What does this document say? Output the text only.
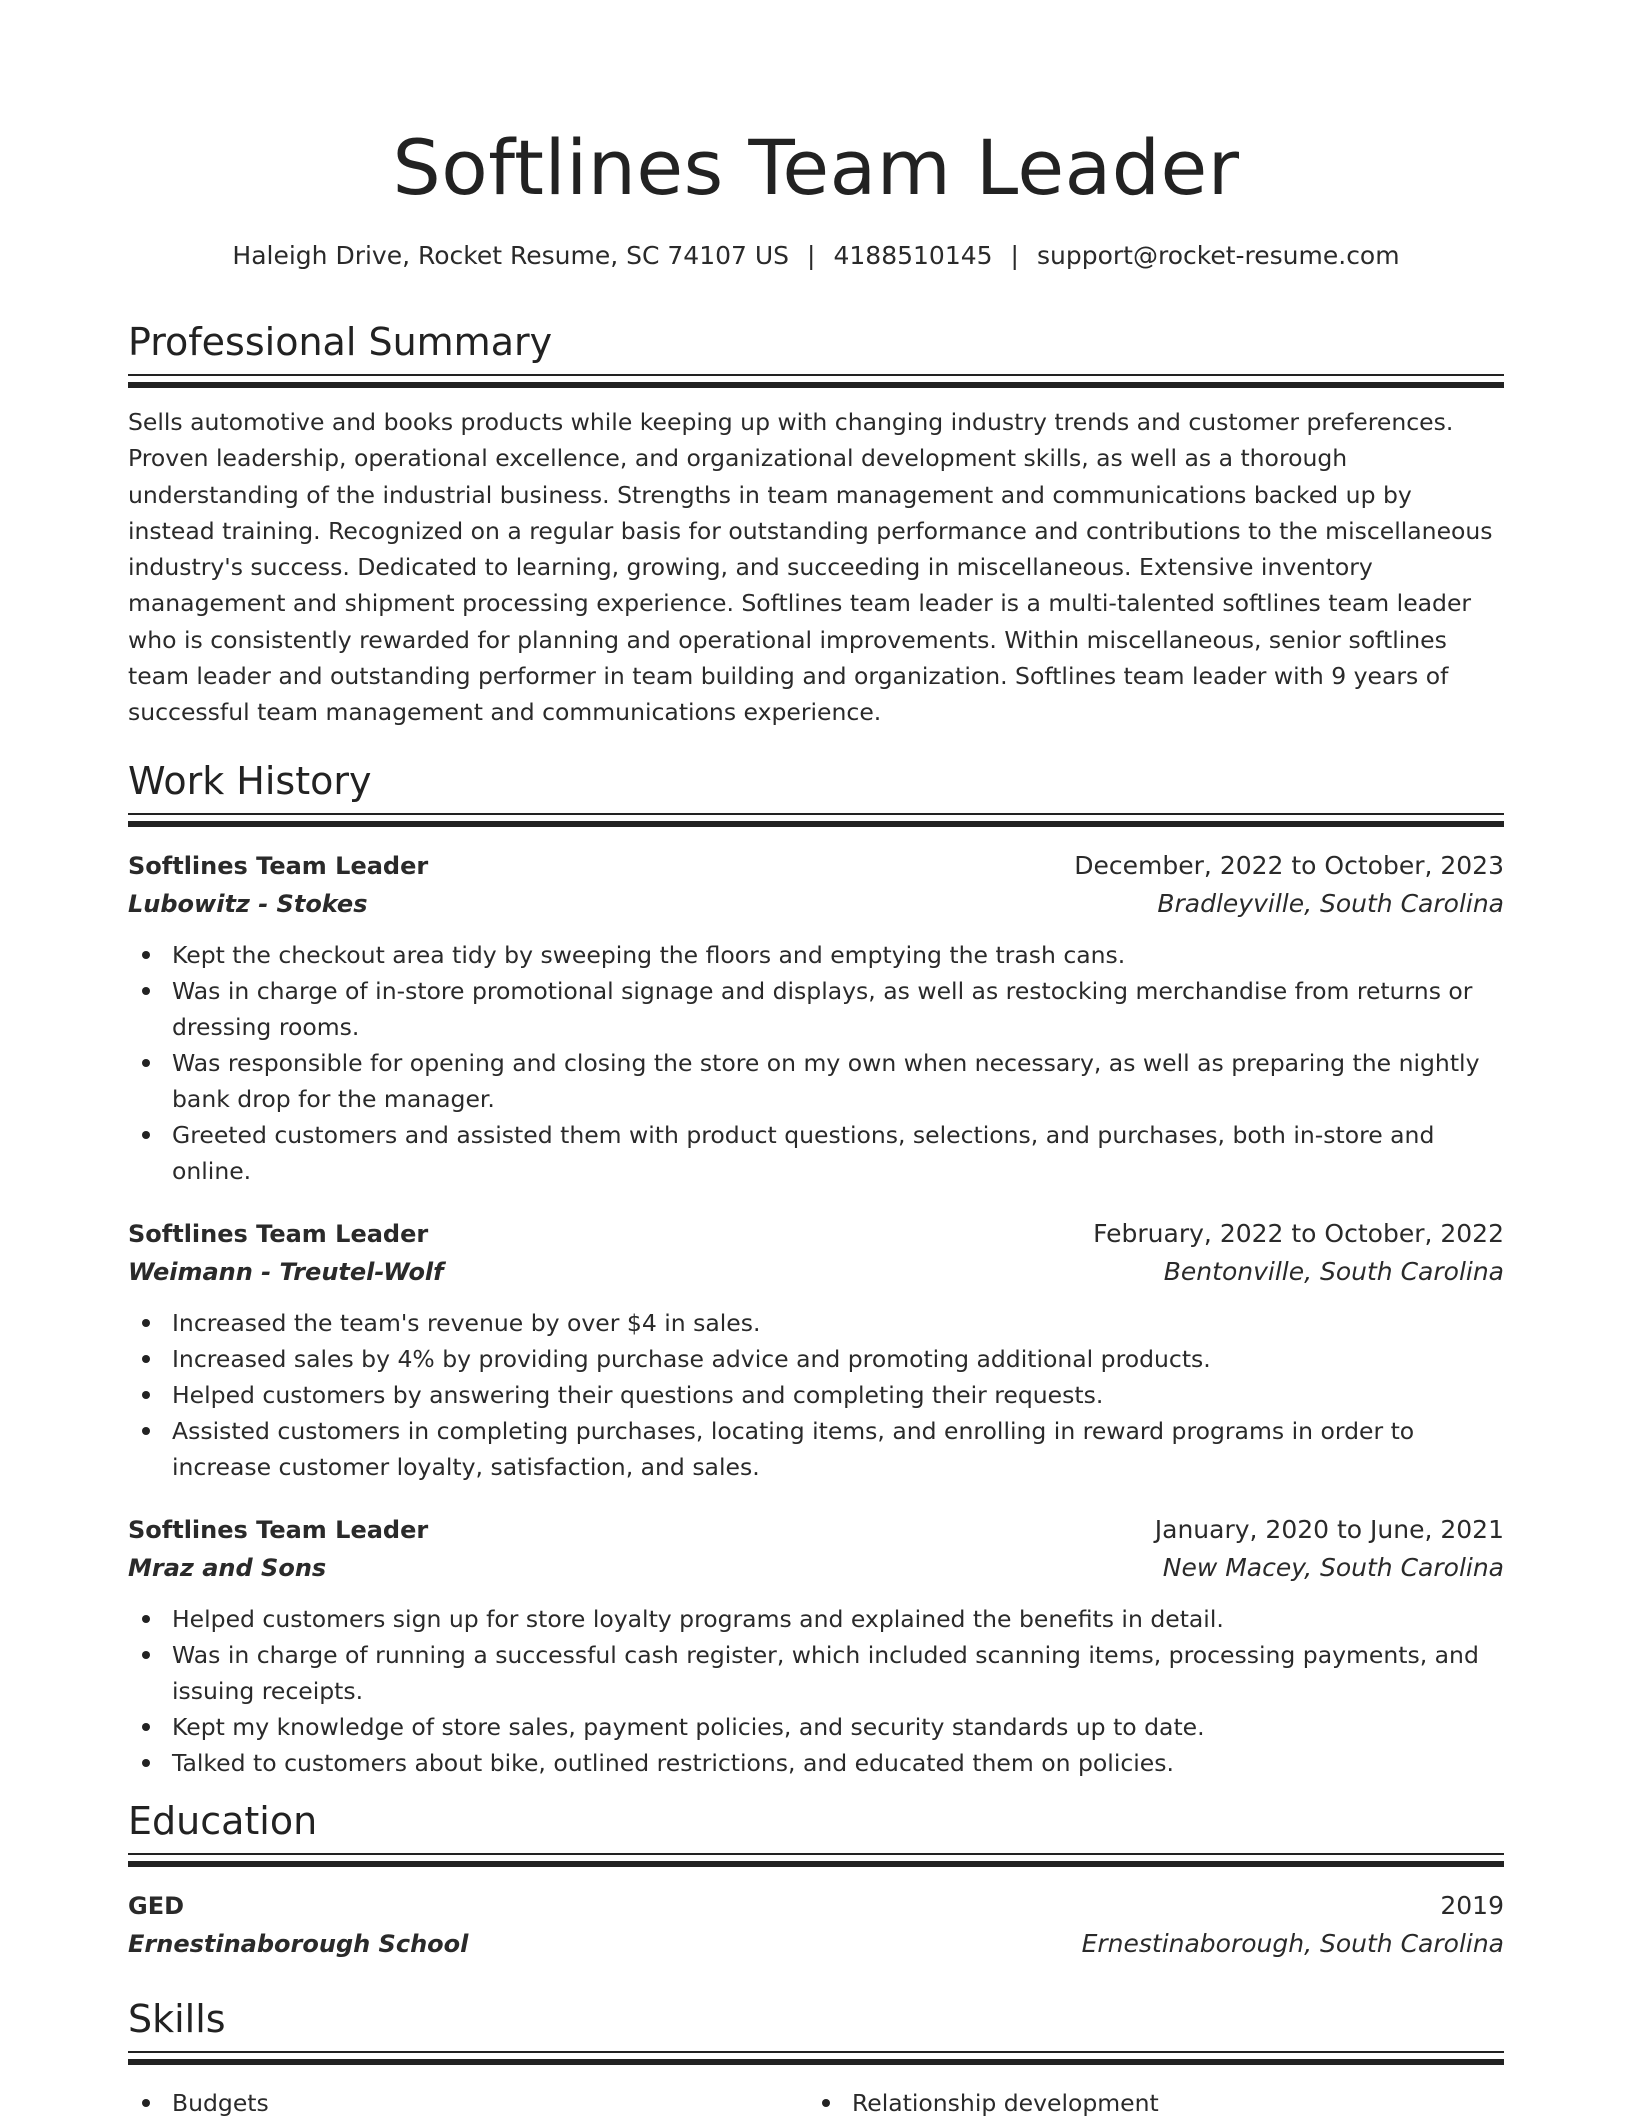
Softlines Team Leader
Haleigh Drive, Rocket Resume, SC 74107 US | 4188510145 | support@rocket-resume.com
Professional Summary
Sells automotive and books products while keeping up with changing industry trends and customer preferences. Proven leadership, operational excellence, and organizational development skills, as well as a thorough understanding of the industrial business. Strengths in team management and communications backed up by instead training. Recognized on a regular basis for outstanding performance and contributions to the miscellaneous industry's success. Dedicated to learning, growing, and succeeding in miscellaneous. Extensive inventory management and shipment processing experience. Softlines team leader is a multi-talented softlines team leader who is consistently rewarded for planning and operational improvements. Within miscellaneous, senior softlines team leader and outstanding performer in team building and organization. Softlines team leader with 9 years of successful team management and communications experience.
Work History
Softlines Team Leader	December, 2022 to October, 2023
Lubowitz - Stokes	Bradleyville, South Carolina
Kept the checkout area tidy by sweeping the floors and emptying the trash cans.
Was in charge of in-store promotional signage and displays, as well as restocking merchandise from returns or dressing rooms.
Was responsible for opening and closing the store on my own when necessary, as well as preparing the nightly bank drop for the manager.
Greeted customers and assisted them with product questions, selections, and purchases, both in-store and online.
Softlines Team Leader	February, 2022 to October, 2022
Weimann - Treutel-Wolf	Bentonville, South Carolina
Increased the team's revenue by over $4 in sales.
Increased sales by 4% by providing purchase advice and promoting additional products.
Helped customers by answering their questions and completing their requests.
Assisted customers in completing purchases, locating items, and enrolling in reward programs in order to increase customer loyalty, satisfaction, and sales.
Softlines Team Leader	January, 2020 to June, 2021
Mraz and Sons	New Macey, South Carolina
Helped customers sign up for store loyalty programs and explained the benefits in detail.
Was in charge of running a successful cash register, which included scanning items, processing payments, and issuing receipts.
Kept my knowledge of store sales, payment policies, and security standards up to date.
Talked to customers about bike, outlined restrictions, and educated them on policies.
Education
GED	2019
Ernestinaborough School	Ernestinaborough, South Carolina
Skills
Budgets	Relationship development
